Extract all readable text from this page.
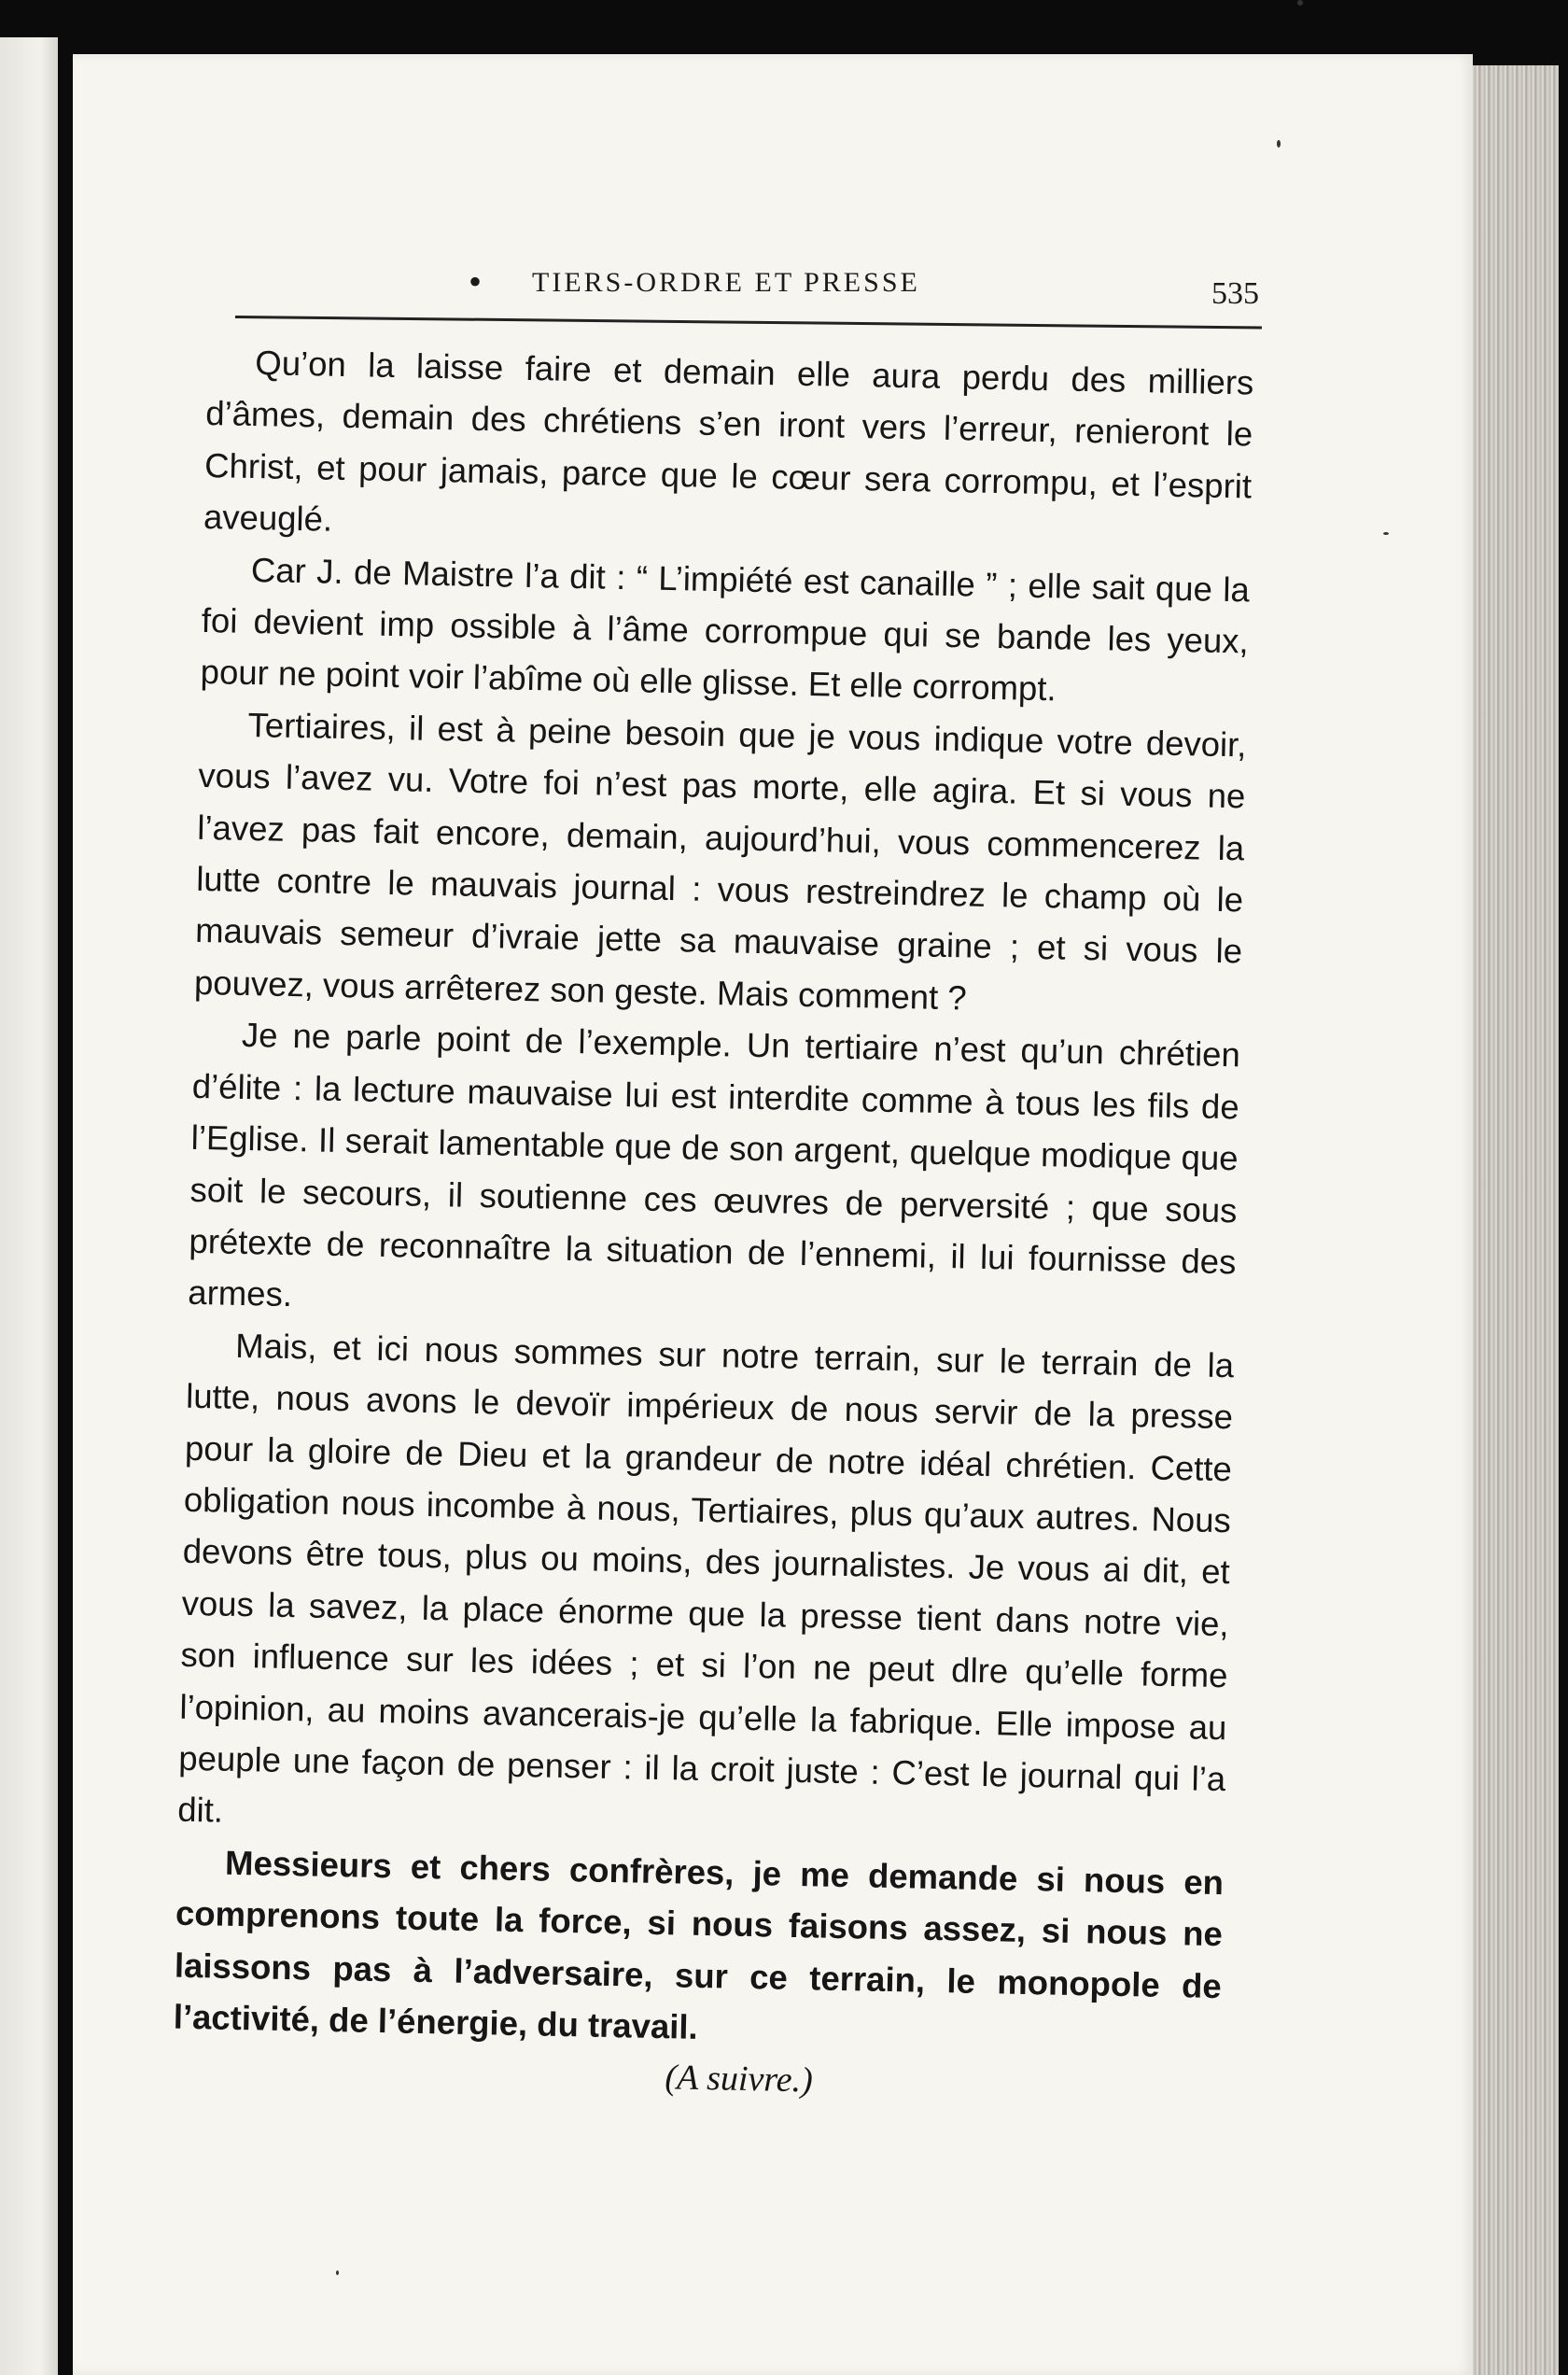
• TIERS-ORDRE ET PRESSE	535

Qu’on la laisse faire et demain elle aura perdu des milliers d’âmes, demain des chrétiens s’en iront vers l’erreur, renieront le Christ, et pour jamais, parce que le cœur sera corrompu, et l’esprit aveuglé.

Car J. de Maistre l’a dit : “ L’impiété est canaille ” ; elle sait que la foi devient imp ossible à l’âme corrompue qui se bande les yeux, pour ne point voir l’abîme où elle glisse. Et elle corrompt.

Tertiaires, il est à peine besoin que je vous indique votre devoir, vous l’avez vu. Votre foi n’est pas morte, elle agira. Et si vous ne l’avez pas fait encore, demain, aujourd’hui, vous commencerez la lutte contre le mauvais journal : vous restreindrez le champ où le mauvais semeur d’ivraie jette sa mauvaise graine ; et si vous le pouvez, vous arrêterez son geste. Mais comment ?

Je ne parle point de l’exemple. Un tertiaire n’est qu’un chrétien d’élite : la lecture mauvaise lui est interdite comme à tous les fils de l’Eglise. Il serait lamentable que de son argent, quelque modique que soit le secours, il soutienne ces œuvres de perversité ; que sous prétexte de reconnaître la situation de l’ennemi, il lui fournisse des armes.

Mais, et ici nous sommes sur notre terrain, sur le terrain de la lutte, nous avons le devoïr impérieux de nous servir de la presse pour la gloire de Dieu et la grandeur de notre idéal chrétien. Cette obligation nous incombe à nous, Tertiaires, plus qu’aux autres. Nous devons être tous, plus ou moins, des journalistes. Je vous ai dit, et vous la savez, la place énorme que la presse tient dans notre vie, son influence sur les idées ; et si l’on ne peut dlre qu’elle forme l’opinion, au moins avancerais-je qu’elle la fabrique. Elle impose au peuple une façon de penser : il la croit juste : C’est le journal qui l’a dit.

Messieurs et chers confrères, je me demande si nous en comprenons toute la force, si nous faisons assez, si nous ne laissons pas à l’adversaire, sur ce terrain, le monopole de l’activité, de l’énergie, du travail.

(A suivre.)
